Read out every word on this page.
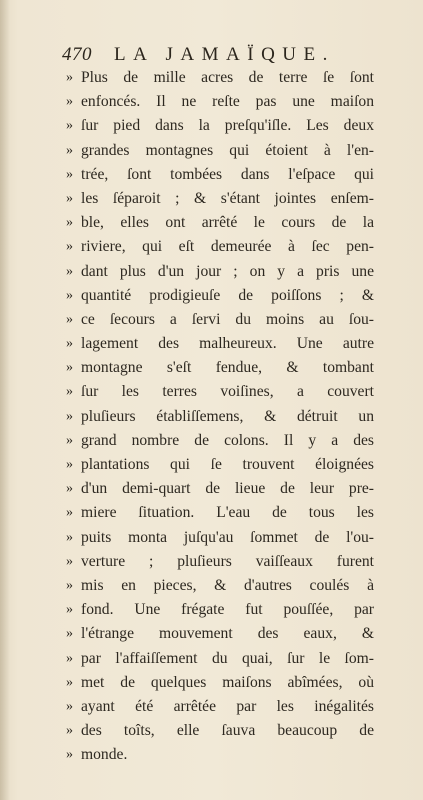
470 LA JAMAÏQUE.
» Plus de mille acres de terre ſe ſont
» enfoncés. Il ne reſte pas une maiſon
» ſur pied dans la preſqu'iſle. Les deux
» grandes montagnes qui étoient à l'en-
» trée, ſont tombées dans l'eſpace qui
» les ſéparoit ; & s'étant jointes enſem-
» ble, elles ont arrêté le cours de la
» riviere, qui eſt demeurée à ſec pen-
» dant plus d'un jour ; on y a pris une
» quantité prodigieuſe de poiſſons ; &
» ce ſecours a ſervi du moins au ſou-
» lagement des malheureux. Une autre
» montagne s'eſt fendue, & tombant
» ſur les terres voiſines, a couvert
» pluſieurs établiſſemens, & détruit un
» grand nombre de colons. Il y a des
» plantations qui ſe trouvent éloignées
» d'un demi-quart de lieue de leur pre-
» miere ſituation. L'eau de tous les
» puits monta juſqu'au ſommet de l'ou-
» verture ; pluſieurs vaiſſeaux furent
» mis en pieces, & d'autres coulés à
» fond. Une frégate fut pouſſée, par
» l'étrange mouvement des eaux, &
» par l'affaiſſement du quai, ſur le ſom-
» met de quelques maiſons abîmées, où
» ayant été arrêtée par les inégalités
» des toîts, elle ſauva beaucoup de
» monde.
